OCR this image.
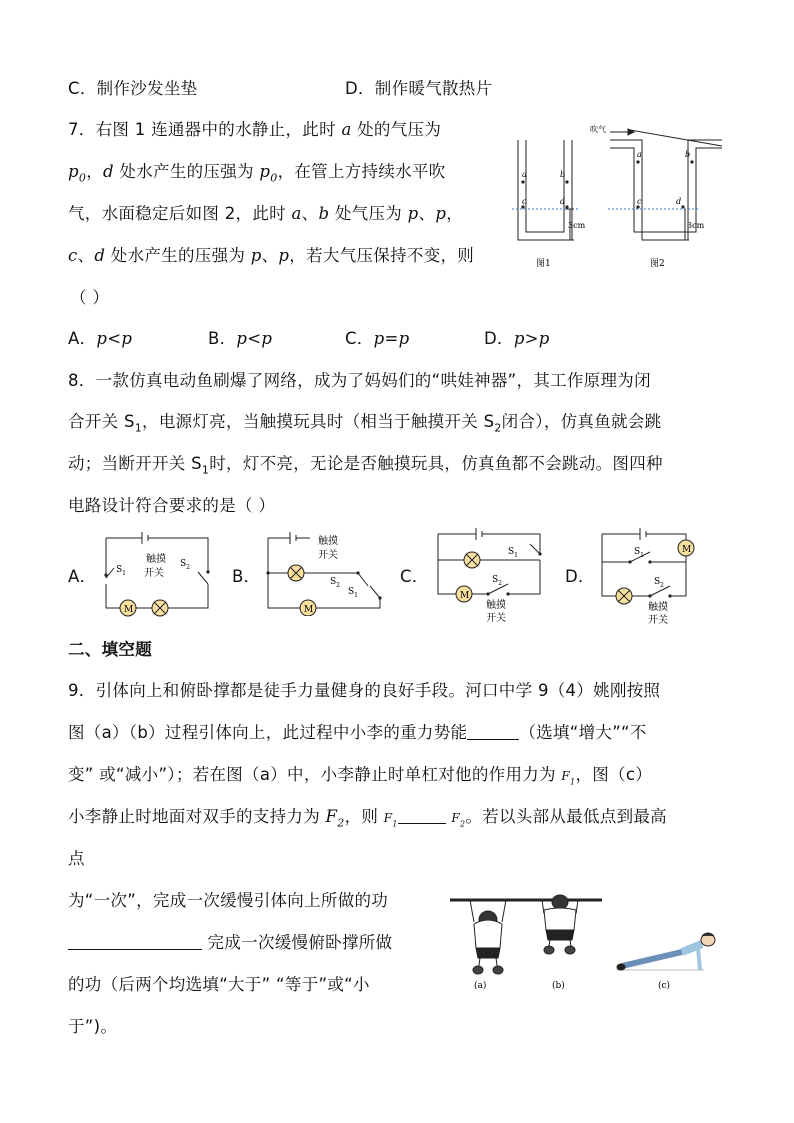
C．制作沙发坐垫	D．制作暖气散热片
7．右图 1 连通器中的水静止，此时 a 处的气压为
$p_0$，d 处水产生的压强为 $p_0$，在管上方持续水平吹
气，水面稳定后如图 2，此时 a、b 处气压为 p、p，
c、d 处水产生的压强为 p、p，若大气压保持不变，则
（ ）
A．p<p	B．p<p	C．p=p	D．p>p
a	b
c	d
3cm
图1
吹气
a	b
c	d
3cm
图2
8．一款仿真电动鱼刷爆了网络，成为了妈妈们的“哄娃神器”，其工作原理为闭
合开关 $S_1$，电源灯亮，当触摸玩具时（相当于触摸开关 $S_2$闭合），仿真鱼就会跳
动；当断开开关 $S_1$时，灯不亮，无论是否触摸玩具，仿真鱼都不会跳动。图四种
电路设计符合要求的是（ ）
A．	B．	C．	D．
M
$S_1$
$S_2$
触摸
开关
M
触摸
开关
$S_2$
$S_1$	M
$S_1$
$S_2$
触摸
开关
M
$S_1$
$S_2$
触摸
开关
二、填空题
9．引体向上和俯卧撑都是徒手力量健身的良好手段。河口中学 9（4）姚刚按照
图（a）（b）过程引体向上，此过程中小李的重力势能	（选填“增大”“不
变” 或“减小”）；若在图（a）中，小李静止时单杠对他的作用力为 $F_1$，图（c）
小李静止时地面对双手的支持力为 $F_2$，则 $F_1$	$F_2$。若以头部从最低点到最高
点
为“一次”，完成一次缓慢引体向上所做的功
完成一次缓慢俯卧撑所做
的功（后两个均选填“大于” “等于”或“小
于”)。
(a)	(b)	(c)
